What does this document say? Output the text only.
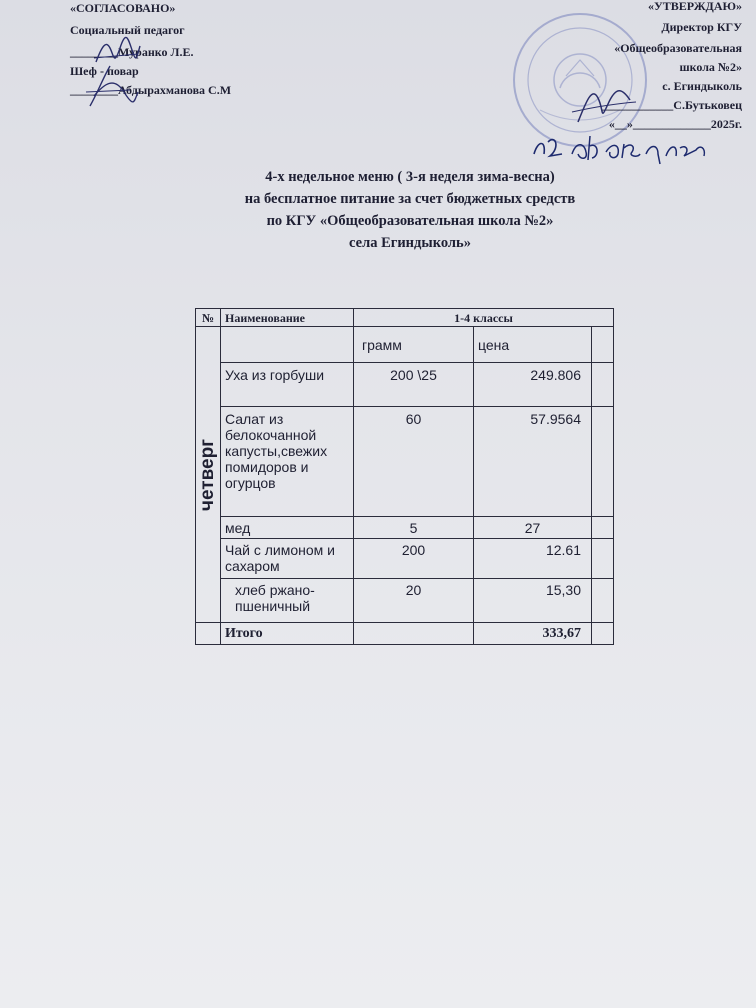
«СОГЛАСОВАНО»
Социальный педагог
________Муранко Л.Е.
Шеф - повар
________Абдырахманова С.М
«УТВЕРЖДАЮ»
Директор КГУ
«Общеобразовательная
школа №2»
с. Егиндыколь
____________С.Бутьковец
«__»_____________2025г.
4-х недельное меню ( 3-я неделя зима-весна)
на бесплатное питание за счет бюджетных средств
по КГУ «Общеобразовательная школа №2»
села Егиндыколь»
№	Наименование	1-4 классы		

четверг		грамм	цена	
	Уха из горбуши	200 \25	249.806	
	Салат из белокочанной капусты,свежих помидоров и огурцов	60	57.9564	
	мед	5	27	
	Чай с лимоном и сахаром	200	12.61	
	хлеб ржано-пшеничный	20	15,30	
	Итого		333,67	
